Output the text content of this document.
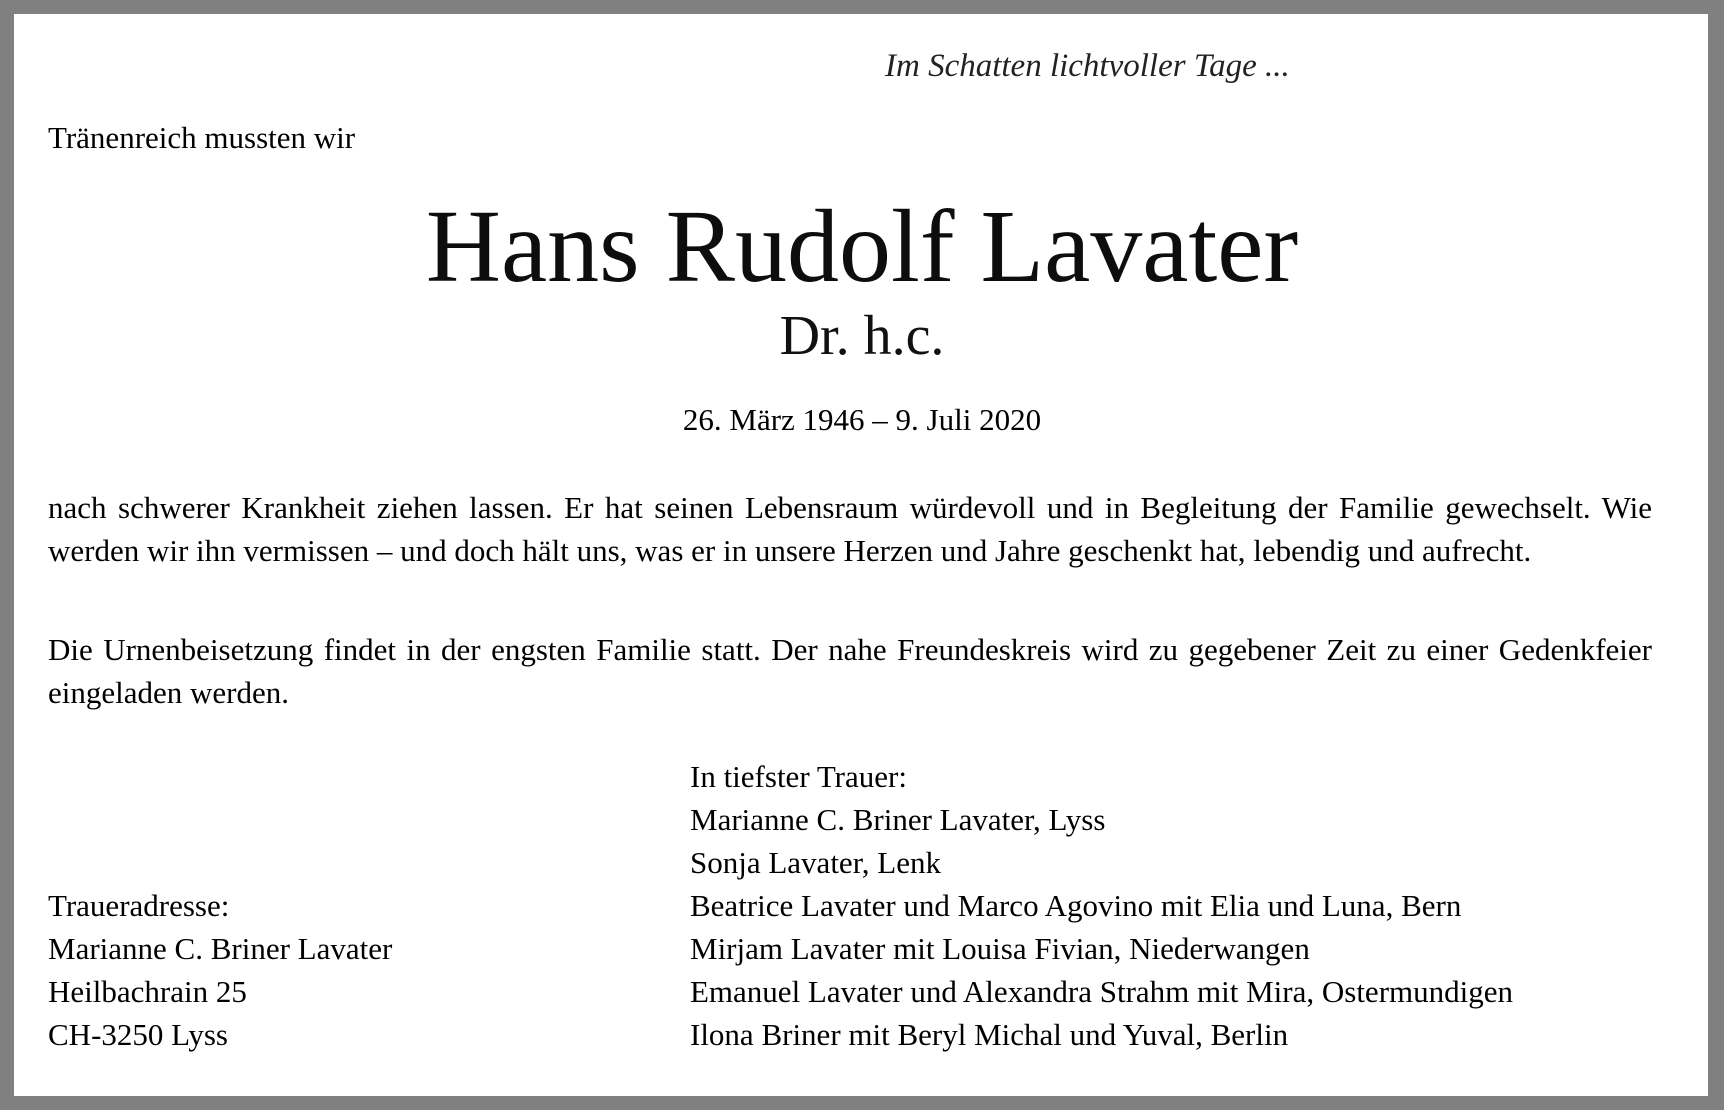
Im Schatten lichtvoller Tage ...
Tränenreich mussten wir
Hans Rudolf Lavater
Dr. h.c.
26. März 1946 – 9. Juli 2020
nach schwerer Krankheit ziehen lassen. Er hat seinen Lebensraum würdevoll und in Begleitung der Familie gewechselt. Wie werden wir ihn vermissen – und doch hält uns, was er in unsere Herzen und Jahre geschenkt hat, lebendig und aufrecht.
Die Urnenbeisetzung findet in der engsten Familie statt. Der nahe Freundeskreis wird zu gegebener Zeit zu einer Gedenkfeier eingeladen werden.
In tiefster Trauer:
Marianne C. Briner Lavater, Lyss
Sonja Lavater, Lenk
Beatrice Lavater und Marco Agovino mit Elia und Luna, Bern
Mirjam Lavater mit Louisa Fivian, Niederwangen
Emanuel Lavater und Alexandra Strahm mit Mira, Ostermundigen
Ilona Briner mit Beryl Michal und Yuval, Berlin
Traueradresse:
Marianne C. Briner Lavater
Heilbachrain 25
CH-3250 Lyss
